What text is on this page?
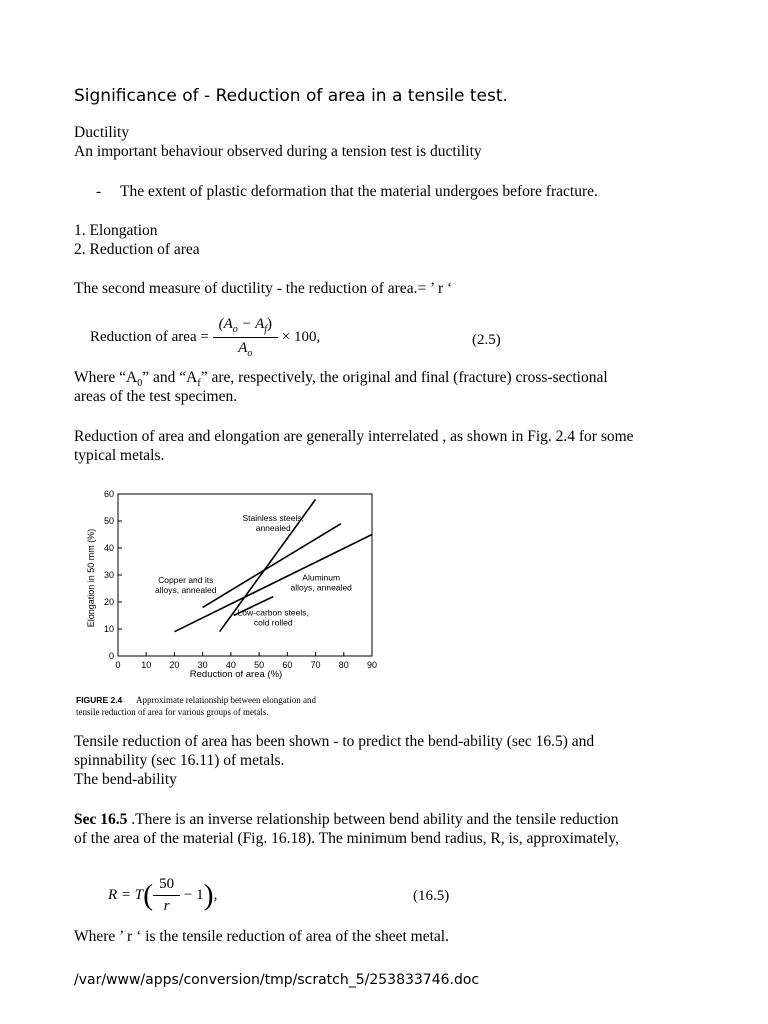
Significance of - Reduction of area in a tensile test.
Ductility
An important behaviour observed during a tension test is ductility
- The extent of plastic deformation that the material undergoes before fracture.
1. Elongation
2. Reduction of area
The second measure of ductility - the reduction of area.= ’ r ‘
Reduction of area = $\frac{(A_o - A_f)}{A_o} \times 100$,	(2.5)
Where “$A_0$” and “$A_f$” are, respectively, the original and final (fracture) cross-sectional
areas of the test specimen.
Reduction of area and elongation are generally interrelated , as shown in Fig. 2.4 for some
typical metals.
Elongation in 50 mm (%)
Reduction of area (%)
FIGURE 2.4 Approximate relationship between elongation and
tensile reduction of area for various groups of metals.
0 10 20 30 40 50 60 70 80 90
0
10
20
30
40
50
60
Stainless steels,
annealed
Copper and its
alloys, annealed
Aluminum
alloys, annealed
Low-carbon steels,
cold rolled
Tensile reduction of area has been shown - to predict the bend-ability (sec 16.5) and
spinnability (sec 16.11) of metals.
The bend-ability
Sec 16.5 .There is an inverse relationship between bend ability and the tensile reduction
of the area of the material (Fig. 16.18). The minimum bend radius, R, is, approximately,
$R = T( \frac{50}{r} - 1)$,	(16.5)
Where ’ r ‘ is the tensile reduction of area of the sheet metal.
/var/www/apps/conversion/tmp/scratch_5/253833746.doc
